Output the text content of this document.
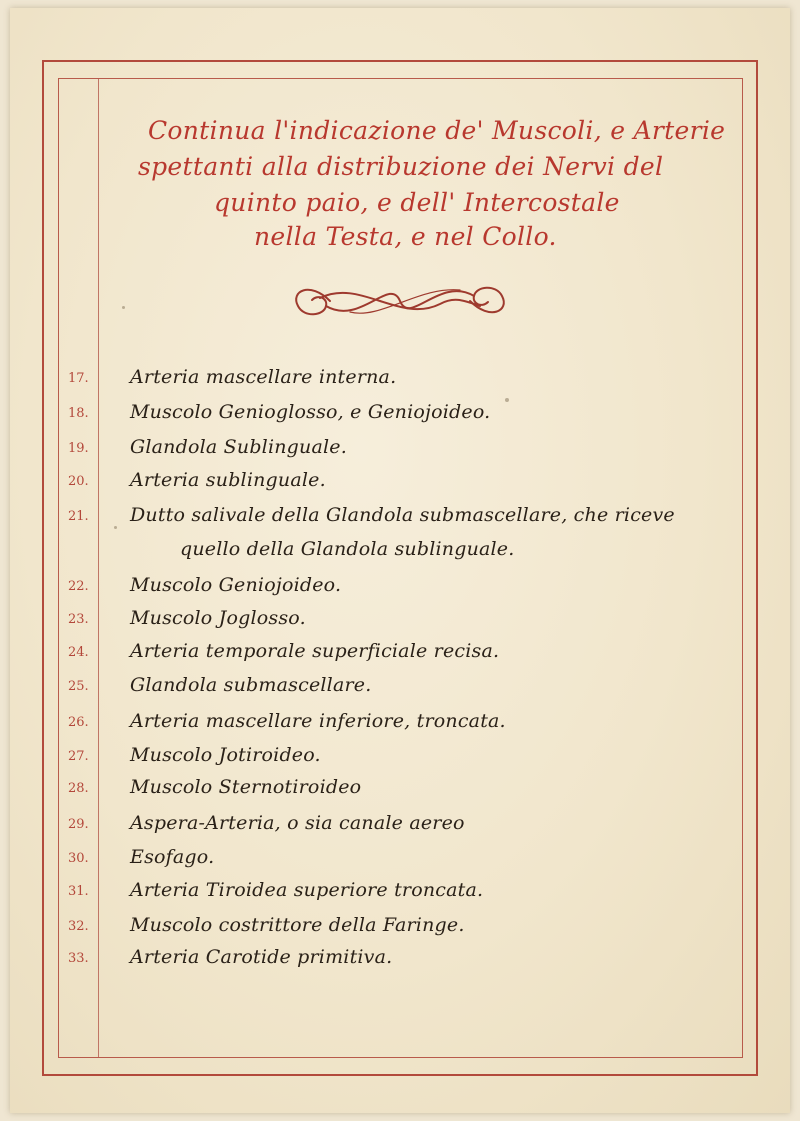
Continua l'indicazione de' Muscoli, e Arterie
spettanti alla distribuzione dei Nervi del
quinto paio, e dell' Intercostale
nella Testa, e nel Collo.
17.	Arteria mascellare interna.
18.	Muscolo Genioglosso, e Geniojoideo.
19.	Glandola Sublinguale.
20.	Arteria sublinguale.
21.	Dutto salivale della Glandola submascellare, che riceve
quello della Glandola sublinguale.
22.	Muscolo Geniojoideo.
23.	Muscolo Joglosso.
24.	Arteria temporale superficiale recisa.
25.	Glandola submascellare.
26.	Arteria mascellare inferiore, troncata.
27.	Muscolo Jotiroideo.
28.	Muscolo Sternotiroideo
29.	Aspera-Arteria, o sia canale aereo
30.	Esofago.
31.	Arteria Tiroidea superiore troncata.
32.	Muscolo costrittore della Faringe.
33.	Arteria Carotide primitiva.
